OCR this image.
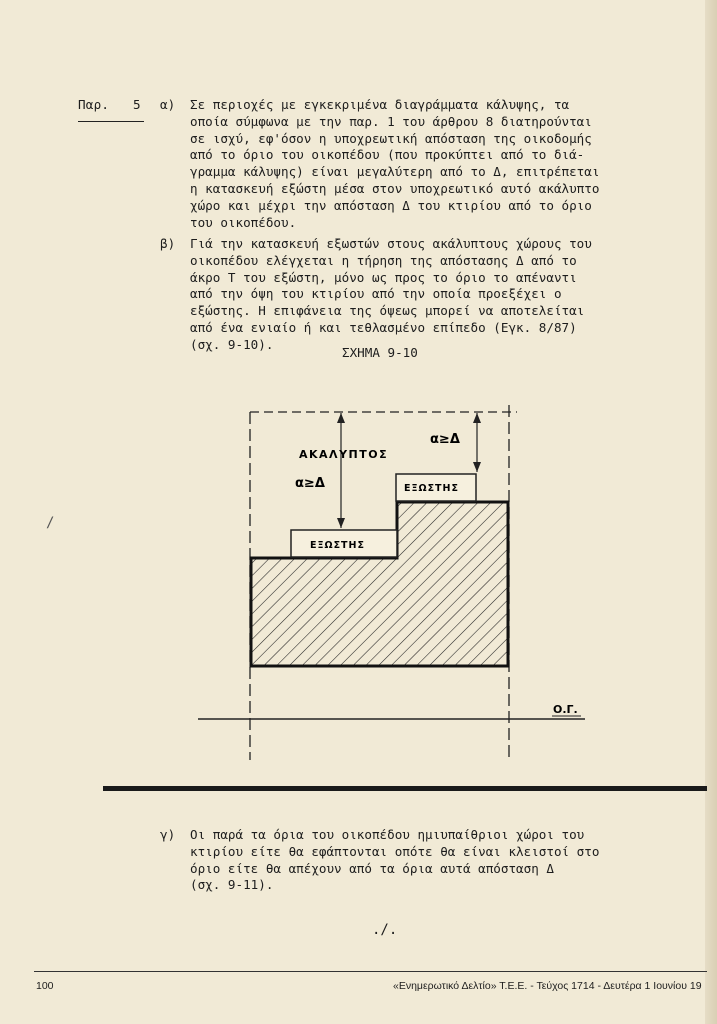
Παρ. 5 α) Σε περιοχές με εγκεκριμένα διαγράμματα κάλυψης, τα
οποία σύμφωνα με την παρ. 1 του άρθρου 8 διατηρούνται
σε ισχύ, εφ'όσον η υποχρεωτική απόσταση της οικοδομής
από το όριο του οικοπέδου (που προκύπτει από το διά-
γραμμα κάλυψης) είναι μεγαλύτερη από το Δ, επιτρέπεται
η κατασκευή εξώστη μέσα στον υποχρεωτικό αυτό ακάλυπτο
χώρο και μέχρι την απόσταση Δ του κτιρίου από το όριο
του οικοπέδου.
β) Γιά την κατασκευή εξωστών στους ακάλυπτους χώρους του
οικοπέδου ελέγχεται η τήρηση της απόστασης Δ από το
άκρο Τ του εξώστη, μόνο ως προς το όριο το απέναντι
από την όψη του κτιρίου από την οποία προεξέχει ο
εξώστης. Η επιφάνεια της όψεως μπορεί να αποτελείται
από ένα ενιαίο ή και τεθλασμένο επίπεδο (Εγκ. 8/87)
(σχ. 9-10).
ΣΧΗΜΑ 9-10
ΑΚΑΛΥΠΤΟΣ
α≥Δ
α≥Δ
ΕΞΩΣΤΗΣ
ΕΞΩΣΤΗΣ
Ο.Γ.
/
γ) Οι παρά τα όρια του οικοπέδου ημιυπαίθριοι χώροι του
κτιρίου είτε θα εφάπτονται οπότε θα είναι κλειστοί στο
όριο είτε θα απέχουν από τα όρια αυτά απόσταση Δ
(σχ. 9-11).
./.
100	«Ενημερωτικό Δελτίο» Τ.Ε.Ε. - Τεύχος 1714 - Δευτέρα 1 Ιουνίου 19
